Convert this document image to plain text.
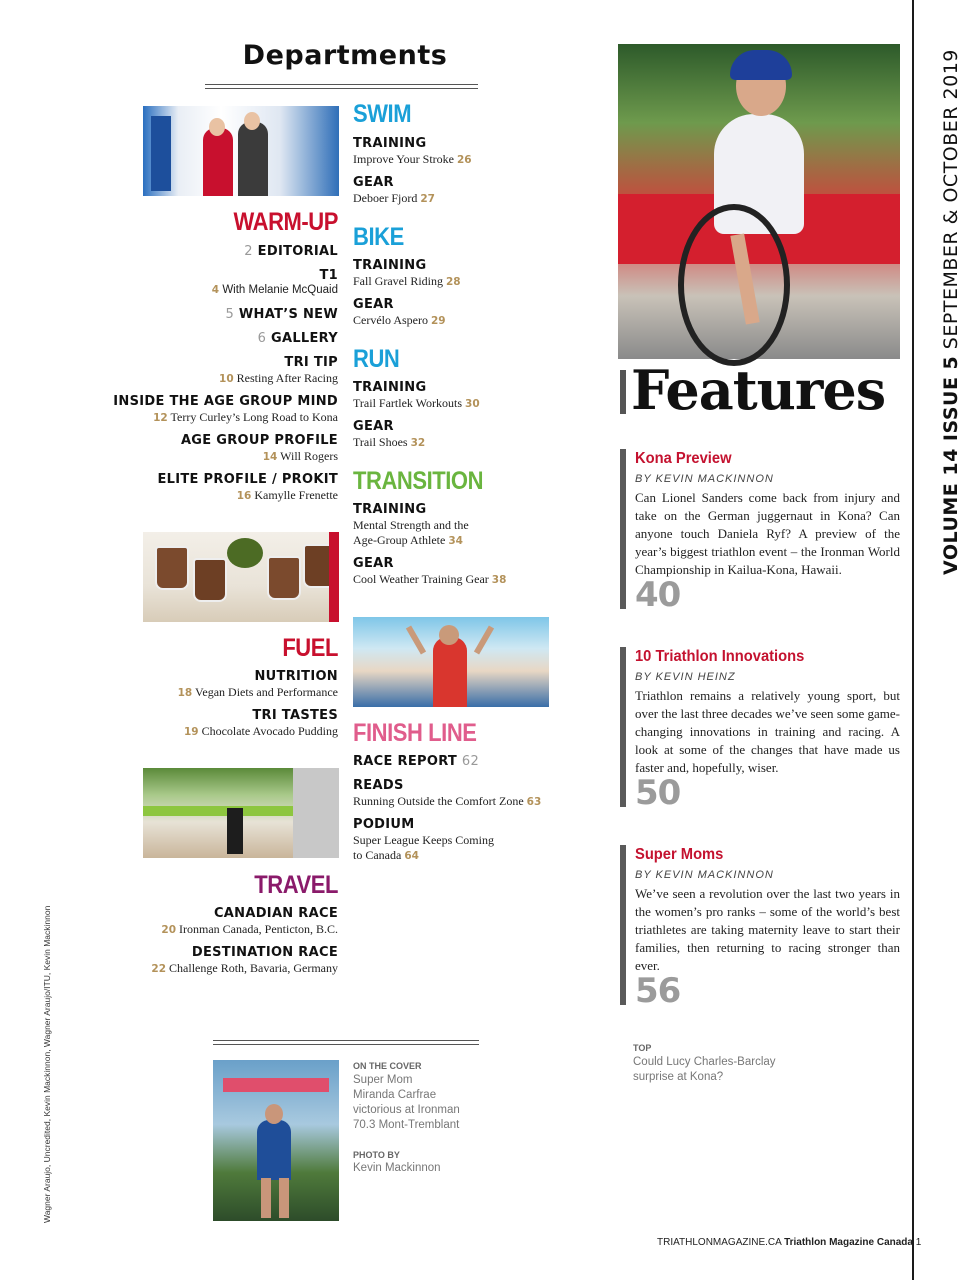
Departments
SWIM
TRAINING
Improve Your Stroke 26
GEAR
Deboer Fjord 27
BIKE
TRAINING
Fall Gravel Riding 28
GEAR
Cervélo Aspero 29
RUN
TRAINING
Trail Fartlek Workouts 30
GEAR
Trail Shoes 32
TRANSITION
TRAINING
Mental Strength and the
Age-Group Athlete 34
GEAR
Cool Weather Training Gear 38
FINISH LINE
RACE REPORT 62
READS
Running Outside the Comfort Zone 63
PODIUM
Super League Keeps Coming
to Canada 64
WARM-UP
2 EDITORIAL
T1
4 With Melanie McQuaid
5 WHAT’S NEW
6 GALLERY
TRI TIP
10 Resting After Racing
INSIDE THE AGE GROUP MIND
12 Terry Curley’s Long Road to Kona
AGE GROUP PROFILE
14 Will Rogers
ELITE PROFILE / PROKIT
16 Kamylle Frenette
FUEL
NUTRITION
18 Vegan Diets and Performance
TRI TASTES
19 Chocolate Avocado Pudding
TRAVEL
CANADIAN RACE
20 Ironman Canada, Penticton, B.C.
DESTINATION RACE
22 Challenge Roth, Bavaria, Germany
ON THE COVER
Super Mom
Miranda Carfrae
victorious at Ironman
70.3 Mont-Tremblant
PHOTO BY
Kevin Mackinnon
Wagner Araujo, Uncredited, Kevin Mackinnon, Wagner Araujo/ITU, Kevin Mackinnon
Features
Kona Preview
BY KEVIN MACKINNON
Can Lionel Sanders come back from injury and take on the German juggernaut in Kona? Can anyone touch Daniela Ryf? A preview of the year’s biggest triathlon event – the Ironman World Championship in Kailua-Kona, Hawaii.
40
10 Triathlon Innovations
BY KEVIN HEINZ
Triathlon remains a relatively young sport, but over the last three decades we’ve seen some game-changing innovations in training and racing. A look at some of the changes that have made us faster and, hopefully, wiser.
50
Super Moms
BY KEVIN MACKINNON
We’ve seen a revolution over the last two years in the women’s pro ranks – some of the world’s best triathletes are taking maternity leave to start their families, then returning to racing stronger than ever.
56
TOP
Could Lucy Charles-Barclay
surprise at Kona?
VOLUME 14 ISSUE 5 SEPTEMBER & OCTOBER 2019
TRIATHLONMAGAZINE.CA Triathlon Magazine Canada 1
